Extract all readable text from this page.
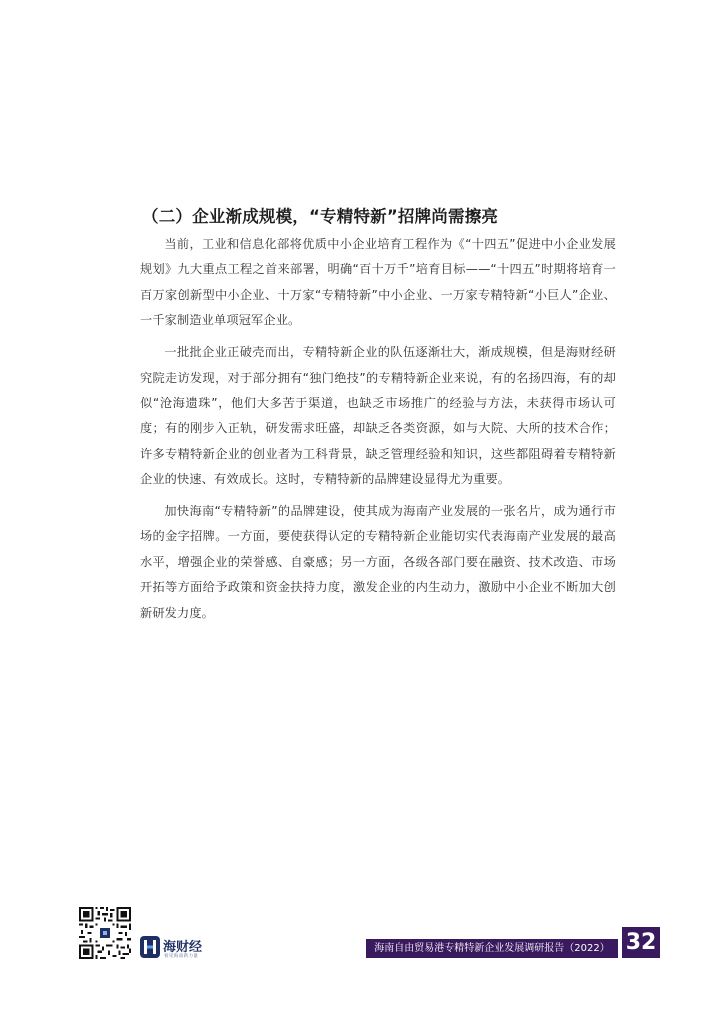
（二）企业渐成规模，“专精特新”招牌尚需擦亮

当前，工业和信息化部将优质中小企业培育工程作为《“十四五”促进中小企业发展规划》九大重点工程之首来部署，明确“百十万千”培育目标——“十四五”时期将培育一百万家创新型中小企业、十万家“专精特新”中小企业、一万家专精特新“小巨人”企业、一千家制造业单项冠军企业。

一批批企业正破壳而出，专精特新企业的队伍逐渐壮大，渐成规模，但是海财经研究院走访发现，对于部分拥有“独门绝技”的专精特新企业来说，有的名扬四海，有的却似“沧海遗珠”，他们大多苦于渠道，也缺乏市场推广的经验与方法，未获得市场认可度；有的刚步入正轨，研发需求旺盛，却缺乏各类资源，如与大院、大所的技术合作；许多专精特新企业的创业者为工科背景，缺乏管理经验和知识，这些都阻碍着专精特新企业的快速、有效成长。这时，专精特新的品牌建设显得尤为重要。

加快海南“专精特新”的品牌建设，使其成为海南产业发展的一张名片，成为通行市场的金字招牌。一方面，要使获得认定的专精特新企业能切实代表海南产业发展的最高水平，增强企业的荣誉感、自豪感；另一方面，各级各部门要在融资、技术改造、市场开拓等方面给予政策和资金扶持力度，激发企业的内生动力，激励中小企业不断加大创新研发力度。

海财经
看见海南新力量
海南自由贸易港专精特新企业发展调研报告（2022） 32
